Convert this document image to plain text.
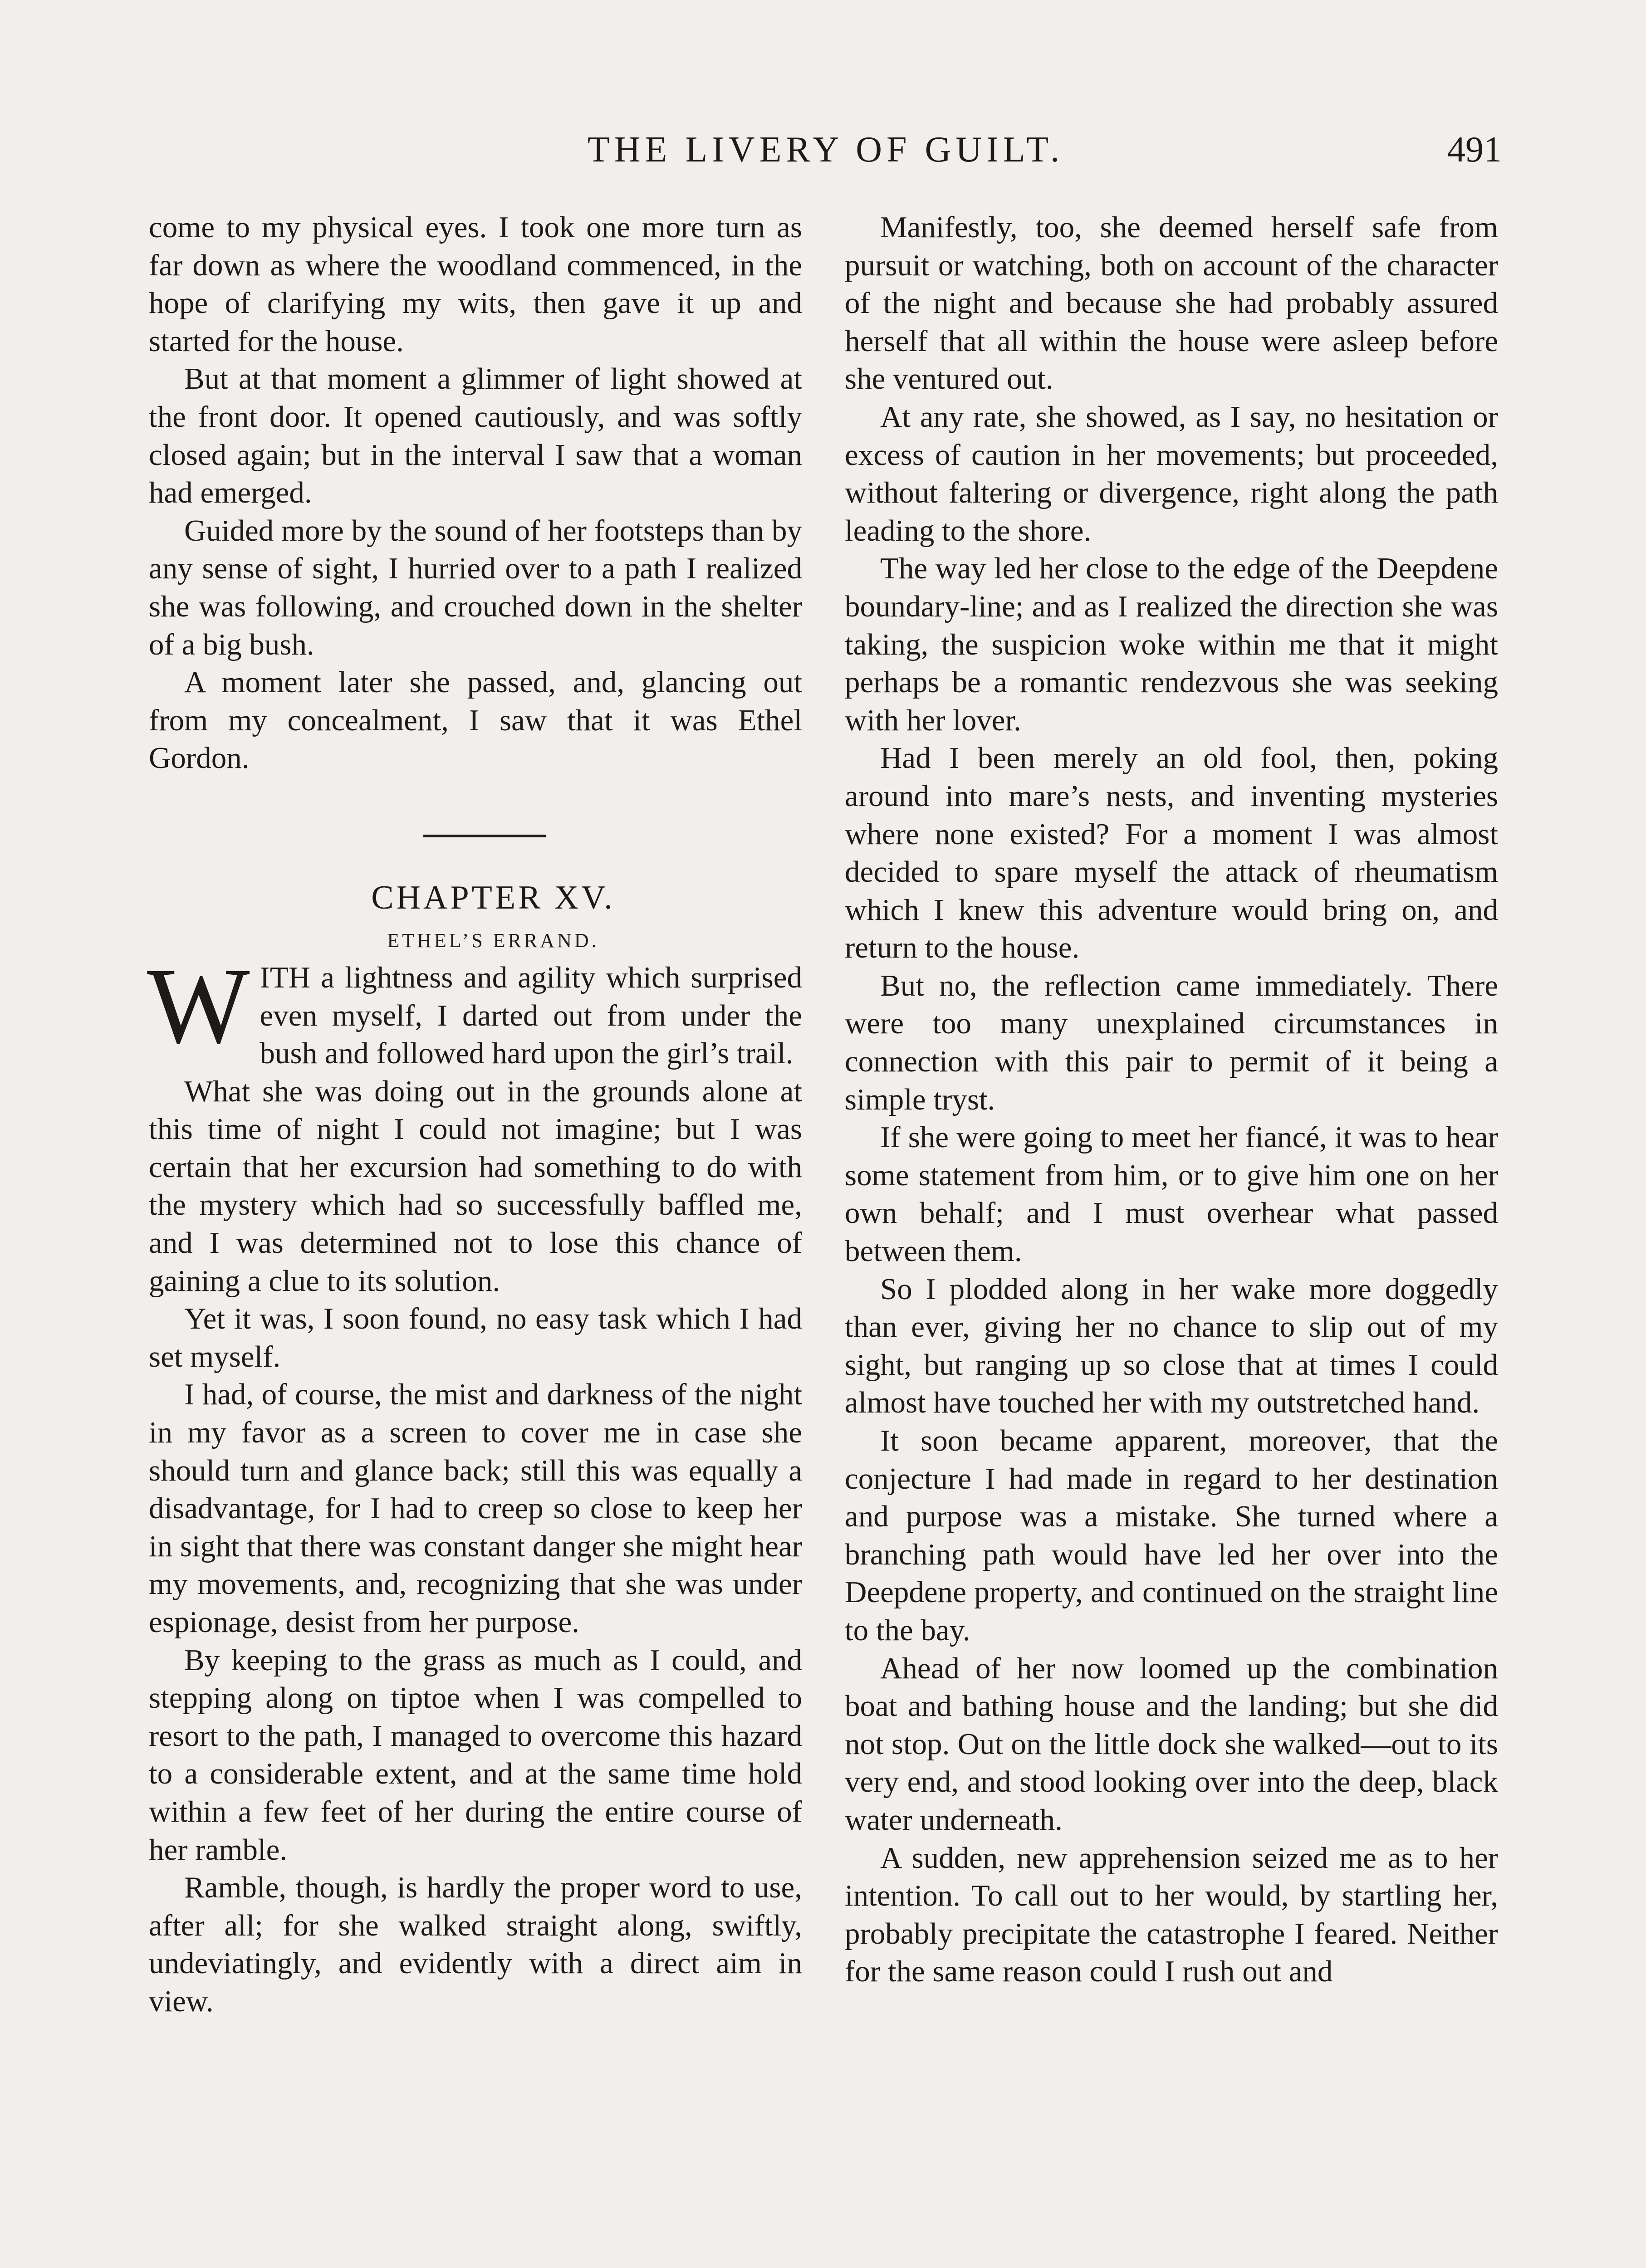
THE LIVERY OF GUILT.	491

come to my physical eyes. I took one more turn as far down as where the woodland commenced, in the hope of clarifying my wits, then gave it up and started for the house.

But at that moment a glimmer of light showed at the front door. It opened cautiously, and was softly closed again; but in the interval I saw that a woman had emerged.

Guided more by the sound of her footsteps than by any sense of sight, I hurried over to a path I realized she was following, and crouched down in the shelter of a big bush.

A moment later she passed, and, glancing out from my concealment, I saw that it was Ethel Gordon.

CHAPTER XV.

ETHEL’S ERRAND.

WITH a lightness and agility which surprised even myself, I darted out from under the bush and followed hard upon the girl’s trail.

What she was doing out in the grounds alone at this time of night I could not imagine; but I was certain that her excursion had something to do with the mystery which had so successfully baffled me, and I was determined not to lose this chance of gaining a clue to its solution.

Yet it was, I soon found, no easy task which I had set myself.

I had, of course, the mist and darkness of the night in my favor as a screen to cover me in case she should turn and glance back; still this was equally a disadvantage, for I had to creep so close to keep her in sight that there was constant danger she might hear my movements, and, recognizing that she was under espionage, desist from her purpose.

By keeping to the grass as much as I could, and stepping along on tiptoe when I was compelled to resort to the path, I managed to overcome this hazard to a considerable extent, and at the same time hold within a few feet of her during the entire course of her ramble.

Ramble, though, is hardly the proper word to use, after all; for she walked straight along, swiftly, undeviatingly, and evidently with a direct aim in view.

Manifestly, too, she deemed herself safe from pursuit or watching, both on account of the character of the night and because she had probably assured herself that all within the house were asleep before she ventured out.

At any rate, she showed, as I say, no hesitation or excess of caution in her movements; but proceeded, without faltering or divergence, right along the path leading to the shore.

The way led her close to the edge of the Deepdene boundary-line; and as I realized the direction she was taking, the suspicion woke within me that it might perhaps be a romantic rendezvous she was seeking with her lover.

Had I been merely an old fool, then, poking around into mare’s nests, and inventing mysteries where none existed? For a moment I was almost decided to spare myself the attack of rheumatism which I knew this adventure would bring on, and return to the house.

But no, the reflection came immediately. There were too many unexplained circumstances in connection with this pair to permit of it being a simple tryst.

If she were going to meet her fiancé, it was to hear some statement from him, or to give him one on her own behalf; and I must overhear what passed between them.

So I plodded along in her wake more doggedly than ever, giving her no chance to slip out of my sight, but ranging up so close that at times I could almost have touched her with my outstretched hand.

It soon became apparent, moreover, that the conjecture I had made in regard to her destination and purpose was a mistake. She turned where a branching path would have led her over into the Deepdene property, and continued on the straight line to the bay.

Ahead of her now loomed up the combination boat and bathing house and the landing; but she did not stop. Out on the little dock she walked—out to its very end, and stood looking over into the deep, black water underneath.

A sudden, new apprehension seized me as to her intention. To call out to her would, by startling her, probably precipitate the catastrophe I feared. Neither for the same reason could I rush out and
